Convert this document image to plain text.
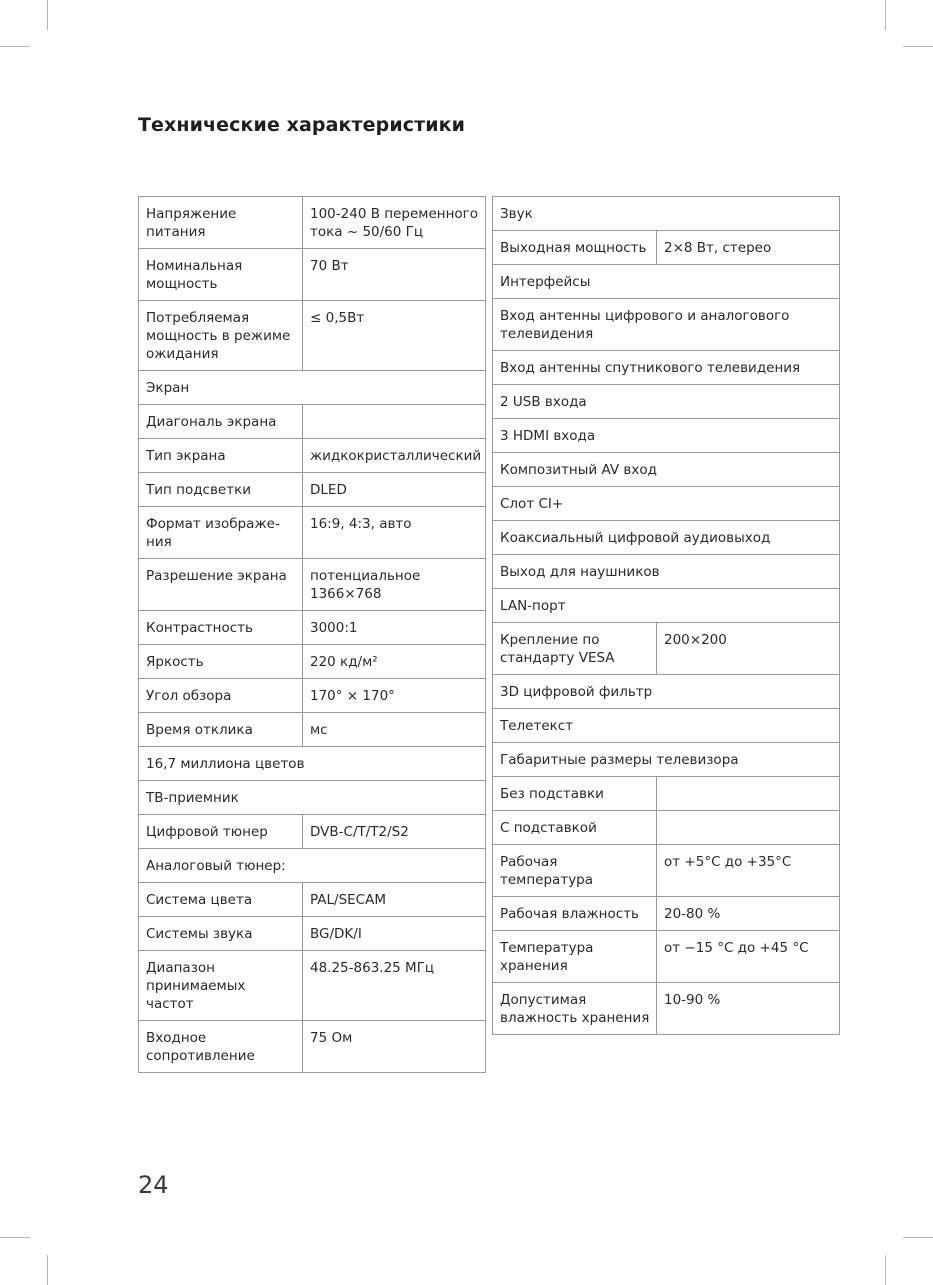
Технические характеристики
Напряжение питания	100-240 В переменного тока ~ 50/60 Гц
Номинальная мощность	70 Вт
Потребляемая мощность в режиме ожидания	≤ 0,5Вт
Экран	
Диагональ экрана	
Тип экрана	жидкокристаллический
Тип подсветки	DLED
Формат изображе-ния	16:9, 4:3, авто
Разрешение экрана	потенциальное 1366×768
Контрастность	3000:1
Яркость	220 кд/м²
Угол обзора	170° × 170°
Время отклика	мс
16,7 миллиона цветов	
ТВ-приемник	
Цифровой тюнер	DVB-C/T/T2/S2
Аналоговый тюнер:	
Система цвета	PAL/SECAM
Системы звука	BG/DK/I
Диапазон принимаемых частот	48.25-863.25 МГц
Входное сопротивление	75 Ом
Звук	
Выходная мощность	2×8 Вт, стерео
Интерфейсы	
Вход антенны цифрового и аналогового телевидения	
Вход антенны спутникового телевидения	
2 USB входа	
3 HDMI входа	
Композитный AV вход	
Слот CI+	
Коаксиальный цифровой аудиовыход	
Выход для наушников	
LAN-порт	
Крепление по стандарту VESA	200×200
3D цифровой фильтр	
Телетекст	
Габаритные размеры телевизора	
Без подставки	
С подставкой	
Рабочая температура	от +5°С до +35°С
Рабочая влажность	20-80 %
Температура хранения	от −15 °С до +45 °С
Допустимая влажность хранения	10-90 %
24
